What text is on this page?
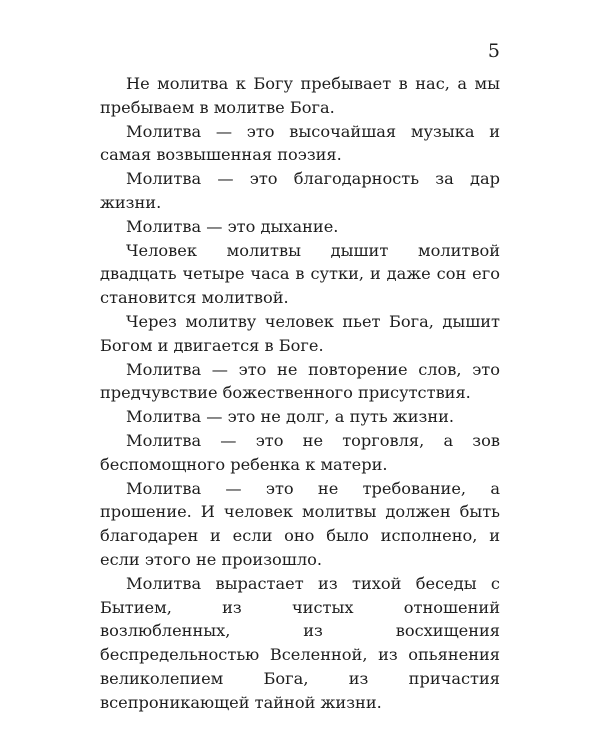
5

Не молитва к Богу пребывает в нас, а мы пребываем в молитве Бога.

Молитва — это высочайшая музыка и самая возвышенная поэзия.

Молитва — это благодарность за дар жизни.

Молитва — это дыхание.

Человек молитвы дышит молитвой двадцать четыре часа в сутки, и даже сон его становится молитвой.

Через молитву человек пьет Бога, дышит Богом и двигается в Боге.

Молитва — это не повторение слов, это предчувствие божественного присутствия.

Молитва — это не долг, а путь жизни.

Молитва — это не торговля, а зов беспомощного ребенка к матери.

Молитва — это не требование, а прошение. И человек молитвы должен быть благодарен и если оно было исполнено, и если этого не произошло.

Молитва вырастает из тихой беседы с Бытием, из чистых отношений возлюбленных, из восхищения беспредельностью Вселенной, из опьянения великолепием Бога, из причастия всепроникающей тайной жизни.
